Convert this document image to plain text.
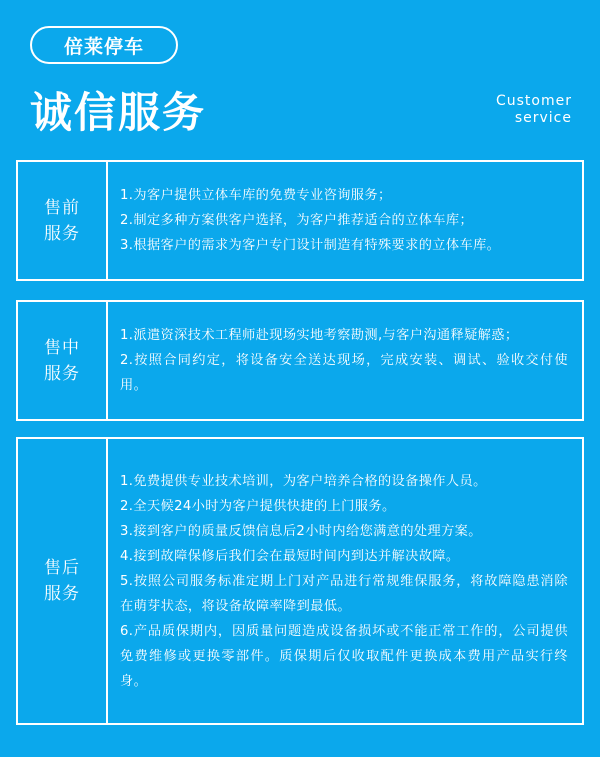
倍莱停车
诚信服务	Customer
service
售前服务
1.为客户提供立体车库的免费专业咨询服务；
2.制定多种方案供客户选择，为客户推荐适合的立体车库；
3.根据客户的需求为客户专门设计制造有特殊要求的立体车库。
售中服务
1.派遣资深技术工程师赴现场实地考察勘测,与客户沟通释疑解惑；
2.按照合同约定，将设备安全送达现场，完成安装、调试、验收交付使用。
售后服务
1.免费提供专业技术培训，为客户培养合格的设备操作人员。
2.全天候24小时为客户提供快捷的上门服务。
3.接到客户的质量反馈信息后2小时内给您满意的处理方案。
4.接到故障保修后我们会在最短时间内到达并解决故障。
5.按照公司服务标准定期上门对产品进行常规维保服务，将故障隐患消除在萌芽状态，将设备故障率降到最低。
6.产品质保期内，因质量问题造成设备损坏或不能正常工作的，公司提供免费维修或更换零部件。质保期后仅收取配件更换成本费用产品实行终身。
